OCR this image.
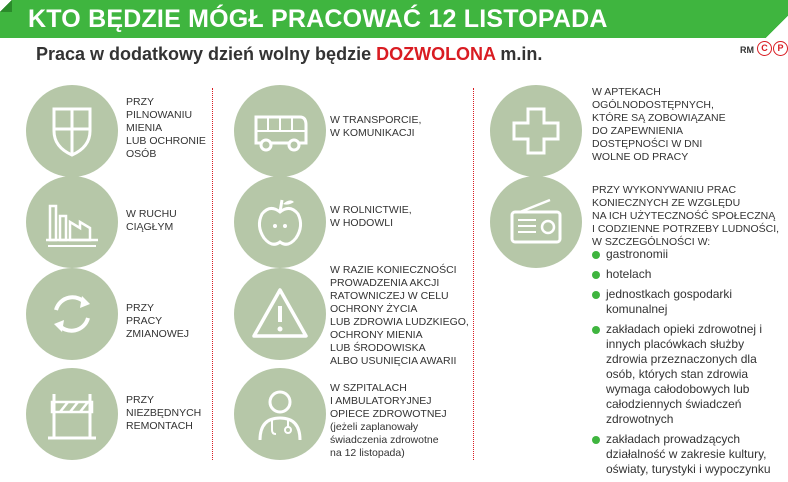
KTO BĘDZIE MÓGŁ PRACOWAĆ 12 LISTOPADA
Praca w dodatkowy dzień wolny będzie DOZWOLONA m.in.	RM C	P
PRZY
PILNOWANIU
MIENIA
LUB OCHRONIE
OSÓB
W RUCHU
CIĄGŁYM
PRZY
PRACY
ZMIANOWEJ
PRZY
NIEZBĘDNYCH
REMONTACH
W TRANSPORCIE,
W KOMUNIKACJI
W ROLNICTWIE,
W HODOWLI
W RAZIE KONIECZNOŚCI
PROWADZENIA AKCJI
RATOWNICZEJ W CELU
OCHRONY ŻYCIA
LUB ZDROWIA LUDZKIEGO,
OCHRONY MIENIA
LUB ŚRODOWISKA
ALBO USUNIĘCIA AWARII
W SZPITALACH
I AMBULATORYJNEJ
OPIECE ZDROWOTNEJ
(jeżeli zaplanowały
świadczenia zdrowotne
na 12 listopada)
W APTEKACH
OGÓLNODOSTĘPNYCH,
KTÓRE SĄ ZOBOWIĄZANE
DO ZAPEWNIENIA
DOSTĘPNOŚCI W DNI
WOLNE OD PRACY
PRZY WYKONYWANIU PRAC
KONIECZNYCH ZE WZGLĘDU
NA ICH UŻYTECZNOŚĆ SPOŁECZNĄ
I CODZIENNE POTRZEBY LUDNOŚCI,
W SZCZEGÓLNOŚCI W:
gastronomii
hotelach
jednostkach gospodarki komunalnej
zakładach opieki zdrowotnej i innych placówkach służby zdrowia przeznaczonych dla osób, których stan zdrowia wymaga całodobowych lub całodziennych świadczeń zdrowotnych
zakładach prowadzących działalność w zakresie kultury, oświaty, turystyki i wypoczynku
